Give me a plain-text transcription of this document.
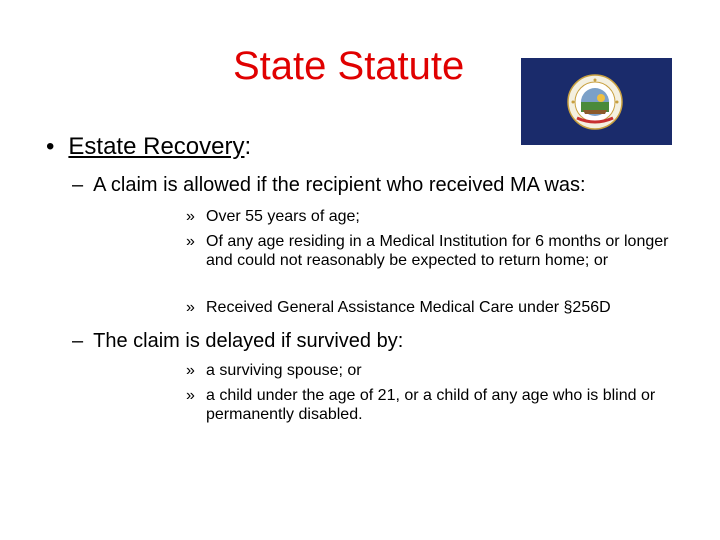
State Statute
• Estate Recovery:
– A claim is allowed if the recipient who received MA was:
» Over 55 years of age;
» Of any age residing in a Medical Institution for 6 months or longer and could not reasonably be expected to return home; or
» Received General Assistance Medical Care under §256D
– The claim is delayed if survived by:
» a surviving spouse; or
» a child under the age of 21, or a child of any age who is blind or permanently disabled.
